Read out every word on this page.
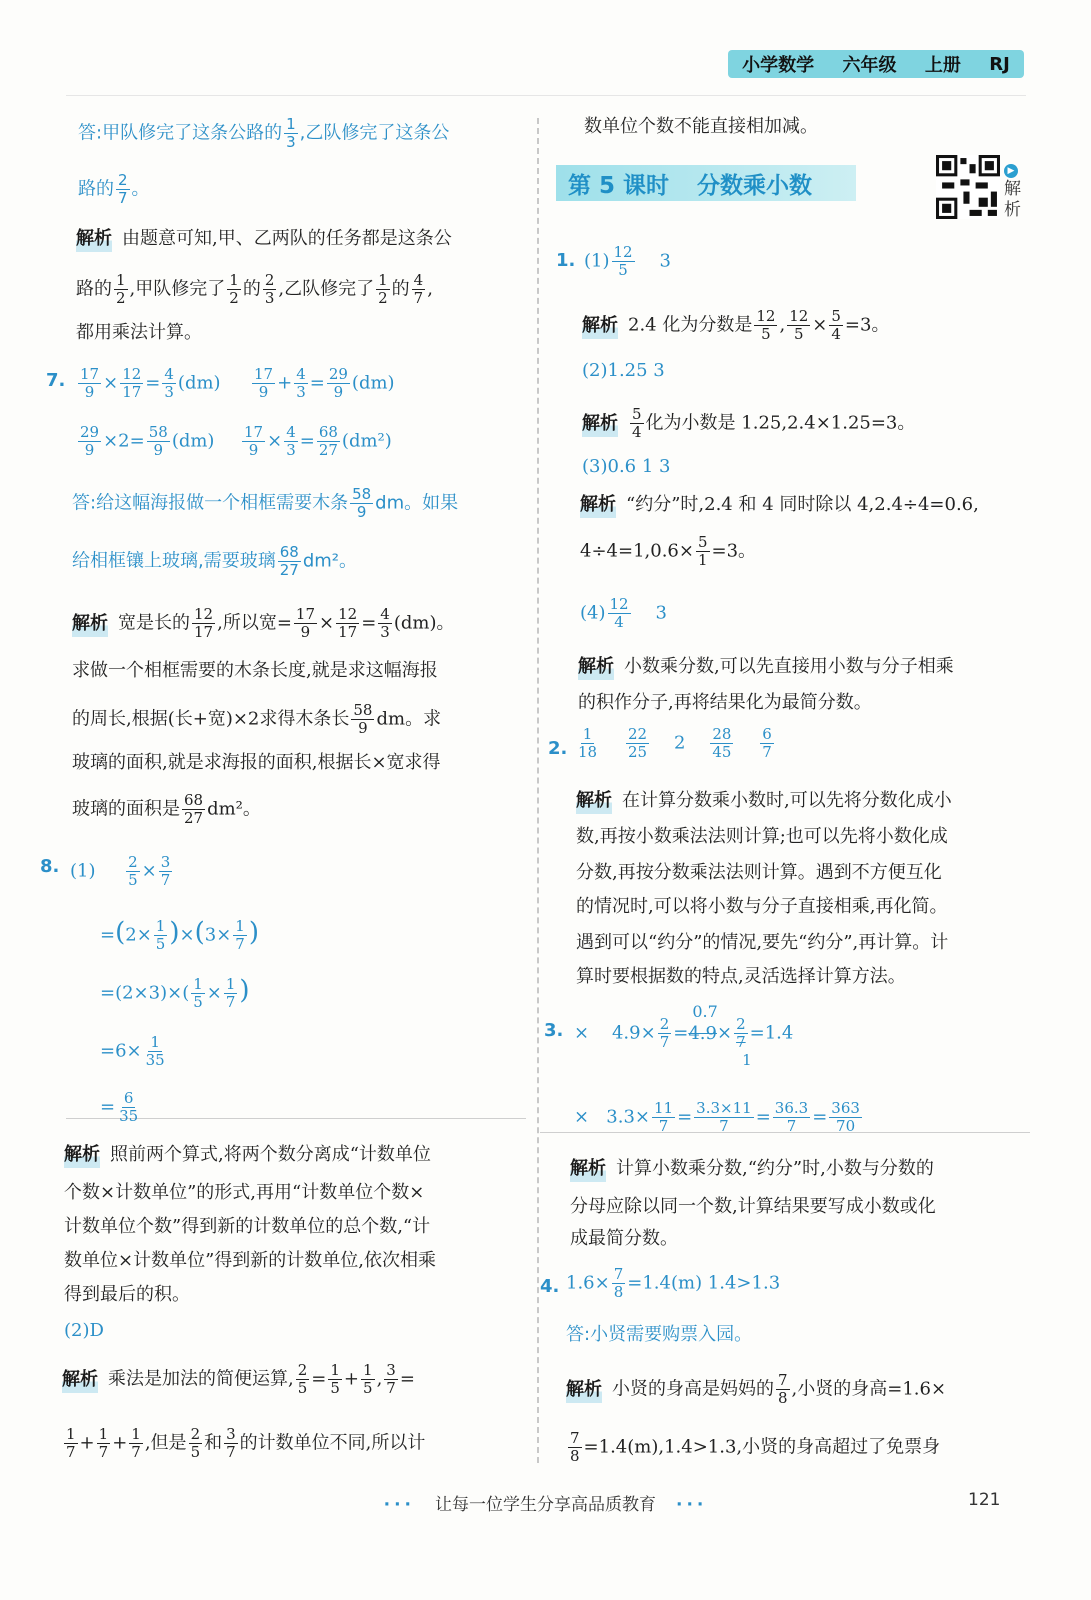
小学数学 六年级 上册 RJ
答:甲队修完了这条公路的 $\frac{1}{3}$ ,乙队修完了这条公
路的 $\frac{2}{7}$ 。
解析 由题意可知,甲、乙两队的任务都是这条公
路的 $\frac{1}{2}$ ,甲队修完了 $\frac{1}{2}$ 的 $\frac{2}{3}$ ,乙队修完了 $\frac{1}{2}$ 的 $\frac{4}{7}$ ,
都用乘法计算。
7. $\frac{17}{9} \times \frac{12}{17} = \frac{4}{3} (dm) \frac{17}{9} + \frac{4}{3} = \frac{29}{9} (dm)$
$\frac{29}{9} \times 2= \frac{58}{9} (dm) \frac{17}{9} \times \frac{4}{3} = \frac{68}{27} (dm^2)$
答:给这幅海报做一个相框需要木条 $\frac{58}{9}$ dm。如果
给相框镶上玻璃,需要玻璃 $\frac{68}{27} dm^2$。
解析 宽是长的 $\frac{12}{17}$ ,所以宽= $\frac{17}{9} \times \frac{12}{17} = \frac{4}{3} (dm)$。
求做一个相框需要的木条长度,就是求这幅海报
的周长,根据(长+宽)×2求得木条长 $\frac{58}{9}$ dm。求
玻璃的面积,就是求海报的面积,根据长×宽求得
玻璃的面积是 $\frac{68}{27} dm^2$。
8. $(1) \frac{2}{5} \times \frac{3}{7}$
$=(2\times \frac{1}{5} )\times(3\times \frac{1}{7}$ )
$=(2\times 3)\times( \frac{1}{5} \times \frac{1}{7}$ )
$=6\times \frac{1}{35}$
= $\frac{6}{35}$
解析 照前两个算式,将两个数分离成“计数单位
个数×计数单位”的形式,再用“计数单位个数×
计数单位个数”得到新的计数单位的总个数,“计
数单位×计数单位”得到新的计数单位,依次相乘
得到最后的积。
(2)D
解析 乘法是加法的简便运算, $\frac{2}{5} = \frac{1}{5} + \frac{1}{5}$ , $\frac{3}{7}$ =
$\frac{1}{7} + \frac{1}{7} + \frac{1}{7}$ ,但是 $\frac{2}{5}$ 和 $\frac{3}{7}$ 的计数单位不同,所以计
数单位个数不能直接相加减。
第 5 课时 分数乘小数
▶ 解析
1. $(1) \frac{12}{5} 3$
解析 2.4 化为分数是 $\frac{12}{5}$ , $\frac{12}{5} \times \frac{5}{4} =3$。
(2)1.25 3
解析 $\frac{5}{4}$ 化为小数是 1.25,2.4×1.25=3。
(3)0.6 1 3
解析 “约分”时,2.4 和 4 同时除以 4,2.4÷4=0.6,
$4\div 4=1,0.6\times \frac{5}{1} =3$。
$(4) \frac{12}{4} 3$
解析 小数乘分数,可以先直接用小数与分子相乘
的积作分子,再将结果化为最简分数。
2. $\frac{1}{18}$
$\frac{22}{25} 2 \frac{28}{45}$
$\frac{6}{7}$
解析 在计算分数乘小数时,可以先将分数化成小
数,再按小数乘法法则计算;也可以先将小数化成
分数,再按分数乘法法则计算。遇到不方便互化
的情况时,可以将小数与分子直接相乘,再化简。
遇到可以“约分”的情况,要先“约分”,再计算。计
算时要根据数的特点,灵活选择计算方法。
3. × $4.9\times \frac{2}{7} =4.9$
0.7
× 2
7
1
=1.4
× $3.3\times \frac{11}{7} = \frac{3.3\times 11}{7} = \frac{36.3}{7} = \frac{363}{70}$
解析 计算小数乘分数,“约分”时,小数与分数的
分母应除以同一个数,计算结果要写成小数或化
成最简分数。
4. $1.6\times \frac{7}{8} =1.4(m)$ 1.4>1.3
答:小贤需要购票入园。
解析 小贤的身高是妈妈的 $\frac{7}{8}$ ,小贤的身高=1.6×
$\frac{7}{8} =1.4(m),1.4>1.3$,小贤的身高超过了免票身
··· 让每一位学生分享高品质教育 ···	121
